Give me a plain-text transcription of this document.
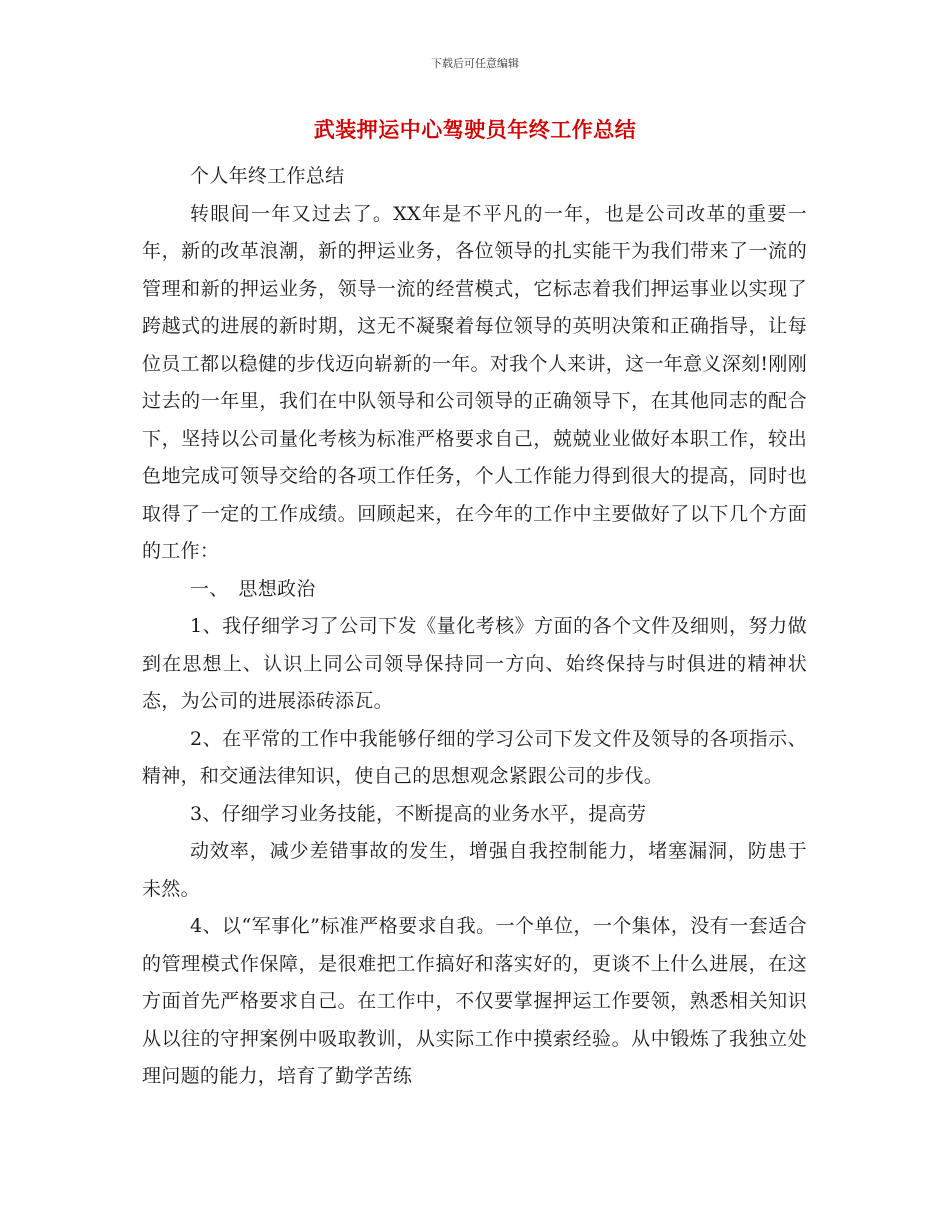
下载后可任意编辑
武装押运中心驾驶员年终工作总结

个人年终工作总结

转眼间一年又过去了。XX年是不平凡的一年，也是公司改革的重要一年，新的改革浪潮，新的押运业务，各位领导的扎实能干为我们带来了一流的管理和新的押运业务，领导一流的经营模式，它标志着我们押运事业以实现了跨越式的进展的新时期，这无不凝聚着每位领导的英明决策和正确指导，让每位员工都以稳健的步伐迈向崭新的一年。对我个人来讲，这一年意义深刻!刚刚过去的一年里，我们在中队领导和公司领导的正确领导下，在其他同志的配合下，坚持以公司量化考核为标准严格要求自己，兢兢业业做好本职工作，较出色地完成可领导交给的各项工作任务，个人工作能力得到很大的提高，同时也取得了一定的工作成绩。回顾起来，在今年的工作中主要做好了以下几个方面的工作：

一、　思想政治

1、我仔细学习了公司下发《量化考核》方面的各个文件及细则，努力做到在思想上、认识上同公司领导保持同一方向、始终保持与时俱进的精神状态，为公司的进展添砖添瓦。

2、在平常的工作中我能够仔细的学习公司下发文件及领导的各项指示、精神，和交通法律知识，使自己的思想观念紧跟公司的步伐。

3、仔细学习业务技能，不断提高的业务水平，提高劳

动效率，减少差错事故的发生，增强自我控制能力，堵塞漏洞，防患于未然。

4、以“军事化”标准严格要求自我。一个单位，一个集体，没有一套适合的管理模式作保障，是很难把工作搞好和落实好的，更谈不上什么进展，在这方面首先严格要求自己。在工作中，不仅要掌握押运工作要领，熟悉相关知识从以往的守押案例中吸取教训，从实际工作中摸索经验。从中锻炼了我独立处理问题的能力，培育了勤学苦练
